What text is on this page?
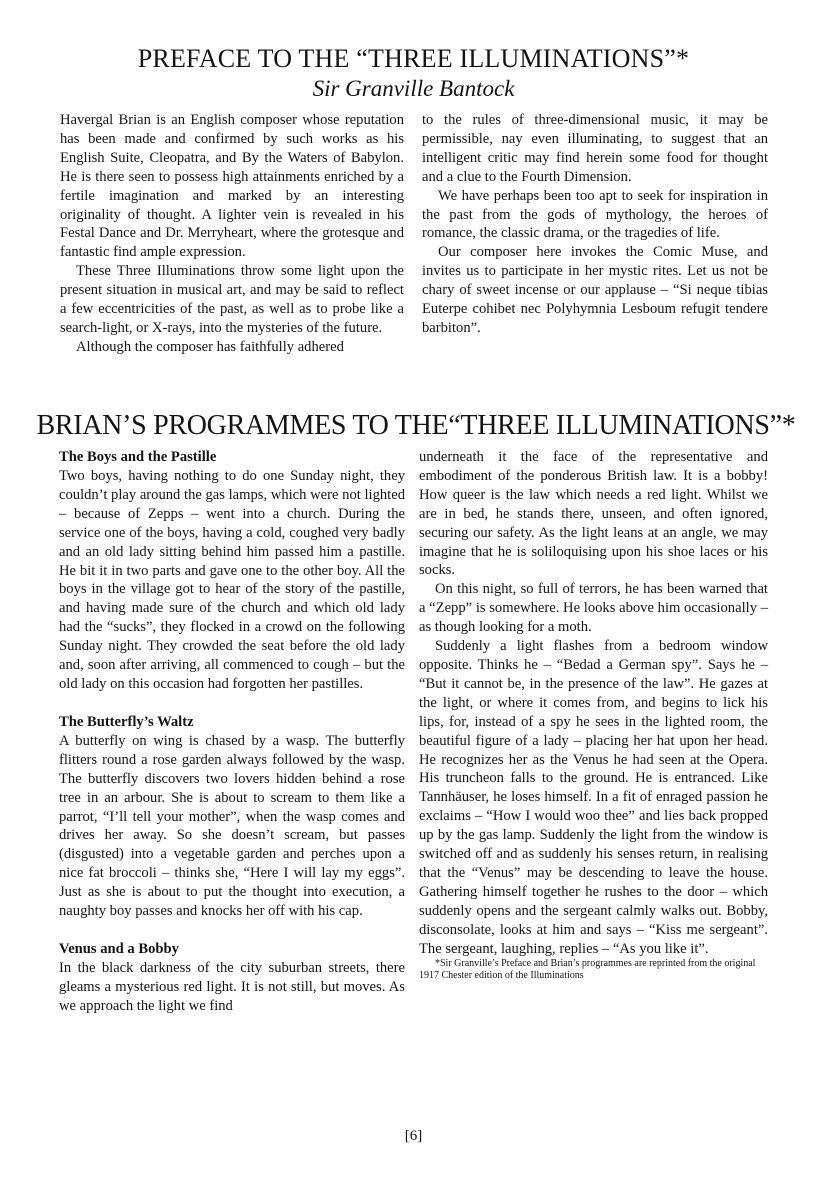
PREFACE TO THE “THREE ILLUMINATIONS”*
Sir Granville Bantock

Havergal Brian is an English composer whose reputation has been made and confirmed by such works as his English Suite, Cleopatra, and By the Waters of Babylon. He is there seen to possess high attainments enriched by a fertile imagination and marked by an interesting originality of thought. A lighter vein is revealed in his Festal Dance and Dr. Merryheart, where the grotesque and fantastic find ample expression.

These Three Illuminations throw some light upon the present situation in musical art, and may be said to reflect a few eccentricities of the past, as well as to probe like a search-light, or X-rays, into the mysteries of the future.

Although the composer has faithfully adhered

to the rules of three-dimensional music, it may be permissible, nay even illuminating, to suggest that an intelligent critic may find herein some food for thought and a clue to the Fourth Dimension.

We have perhaps been too apt to seek for inspiration in the past from the gods of mythology, the heroes of romance, the classic drama, or the tragedies of life.

Our composer here invokes the Comic Muse, and invites us to participate in her mystic rites. Let us not be chary of sweet incense or our applause – “Si neque tibias Euterpe cohibet nec Polyhymnia Lesboum refugit tendere barbiton”.

BRIAN’S PROGRAMMES TO THE“THREE ILLUMINATIONS”*
The Boys and the Pastille

Two boys, having nothing to do one Sunday night, they couldn’t play around the gas lamps, which were not lighted – because of Zepps – went into a church. During the service one of the boys, having a cold, coughed very badly and an old lady sitting behind him passed him a pastille. He bit it in two parts and gave one to the other boy. All the boys in the village got to hear of the story of the pastille, and having made sure of the church and which old lady had the “sucks”, they flocked in a crowd on the following Sunday night. They crowded the seat before the old lady and, soon after arriving, all commenced to cough – but the old lady on this occasion had forgotten her pastilles.

The Butterfly’s Waltz

A butterfly on wing is chased by a wasp. The butterfly flitters round a rose garden always followed by the wasp. The butterfly discovers two lovers hidden behind a rose tree in an arbour. She is about to scream to them like a parrot, “I’ll tell your mother”, when the wasp comes and drives her away. So she doesn’t scream, but passes (disgusted) into a vegetable garden and perches upon a nice fat broccoli – thinks she, “Here I will lay my eggs”. Just as she is about to put the thought into execution, a naughty boy passes and knocks her off with his cap.

Venus and a Bobby

In the black darkness of the city suburban streets, there gleams a mysterious red light. It is not still, but moves. As we approach the light we find

underneath it the face of the representative and embodiment of the ponderous British law. It is a bobby! How queer is the law which needs a red light. Whilst we are in bed, he stands there, unseen, and often ignored, securing our safety. As the light leans at an angle, we may imagine that he is soliloquising upon his shoe laces or his socks.

On this night, so full of terrors, he has been warned that a “Zepp” is somewhere. He looks above him occasionally – as though looking for a moth.

Suddenly a light flashes from a bedroom window opposite. Thinks he – “Bedad a German spy”. Says he – “But it cannot be, in the presence of the law”. He gazes at the light, or where it comes from, and begins to lick his lips, for, instead of a spy he sees in the lighted room, the beautiful figure of a lady – placing her hat upon her head. He recognizes her as the Venus he had seen at the Opera. His truncheon falls to the ground. He is entranced. Like Tannhäuser, he loses himself. In a fit of enraged passion he exclaims – “How I would woo thee” and lies back propped up by the gas lamp. Suddenly the light from the window is switched off and as suddenly his senses return, in realising that the “Venus” may be descending to leave the house. Gathering himself together he rushes to the door – which suddenly opens and the sergeant calmly walks out. Bobby, disconsolate, looks at him and says – “Kiss me sergeant”. The sergeant, laughing, replies – “As you like it”.

*Sir Granville’s Preface and Brian’s programmes are reprinted from the original 1917 Chester edition of the Illuminations

[6]
